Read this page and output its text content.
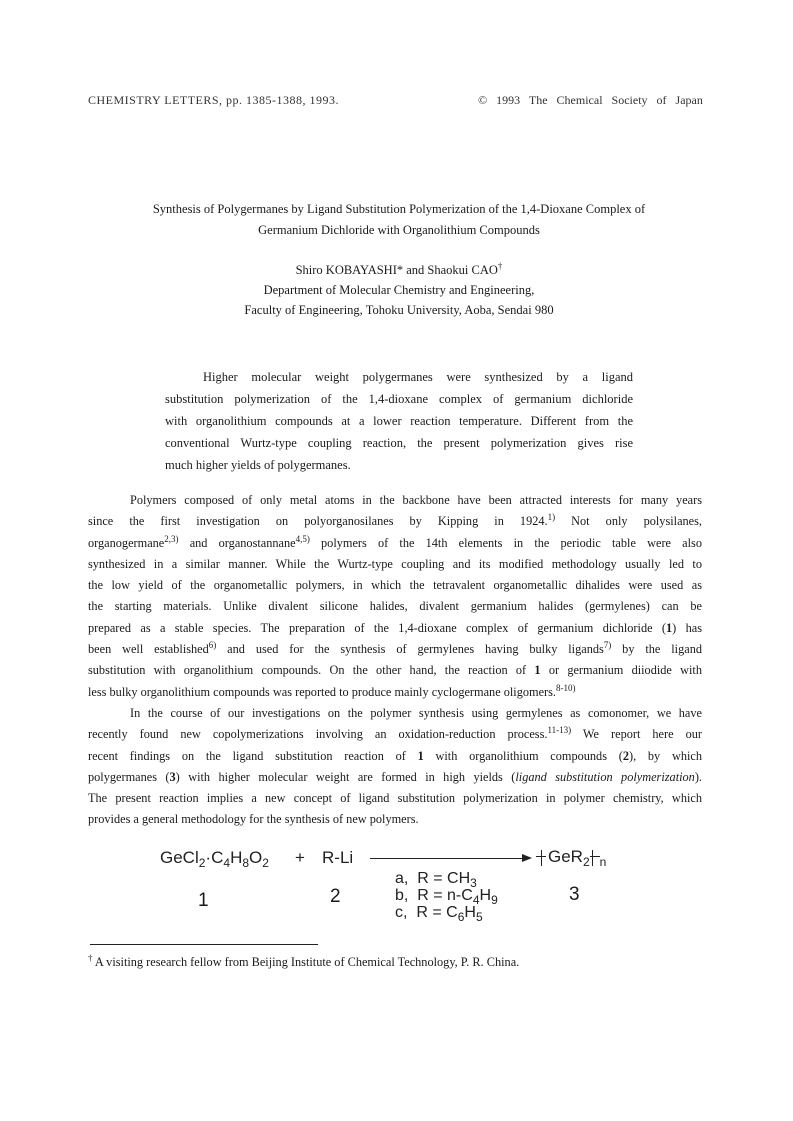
CHEMISTRY LETTERS, pp. 1385-1388, 1993.	© 1993 The Chemical Society of Japan
Synthesis of Polygermanes by Ligand Substitution Polymerization of the 1,4-Dioxane Complex of
Germanium Dichloride with Organolithium Compounds
Shiro KOBAYASHI* and Shaokui CAO†
Department of Molecular Chemistry and Engineering,
Faculty of Engineering, Tohoku University, Aoba, Sendai 980
Higher molecular weight polygermanes were synthesized by a ligand
substitution polymerization of the 1,4-dioxane complex of germanium dichloride
with organolithium compounds at a lower reaction temperature. Different from the
conventional Wurtz-type coupling reaction, the present polymerization gives rise
much higher yields of polygermanes.

Polymers composed of only metal atoms in the backbone have been attracted interests for many years
since the first investigation on polyorganosilanes by Kipping in 1924.$^{1)}$ Not only polysilanes,
organogermane$^{2,3)}$ and organostannane$^{4,5)}$ polymers of the 14th elements in the periodic table were also
synthesized in a similar manner. While the Wurtz-type coupling and its modified methodology usually led to
the low yield of the organometallic polymers, in which the tetravalent organometallic dihalides were used as
the starting materials. Unlike divalent silicone halides, divalent germanium halides (germylenes) can be
prepared as a stable species. The preparation of the 1,4-dioxane complex of germanium dichloride (1) has
been well established$^{6)}$ and used for the synthesis of germylenes having bulky ligands$^{7)}$ by the ligand
substitution with organolithium compounds. On the other hand, the reaction of 1 or germanium diiodide with
less bulky organolithium compounds was reported to produce mainly cyclogermane oligomers.$^{8-10)}$

In the course of our investigations on the polymer synthesis using germylenes as comonomer, we have
recently found new copolymerizations involving an oxidation-reduction process.$^{11-13)}$ We report here our
recent findings on the ligand substitution reaction of 1 with organolithium compounds (2), by which
polygermanes (3) with higher molecular weight are formed in high yields (ligand substitution polymerization).
The present reaction implies a new concept of ligand substitution polymerization in polymer chemistry, which
provides a general methodology for the synthesis of new polymers.

$GeCl_2\cdot C_4H_8O_2 + R-Li$	GeR$_2$ $_n$
a,  $R = CH_3$
b,  $R = n-C_4H_9$
c,  $R = C_6H_5$
1	2	3
† A visiting research fellow from Beijing Institute of Chemical Technology, P. R. China.
